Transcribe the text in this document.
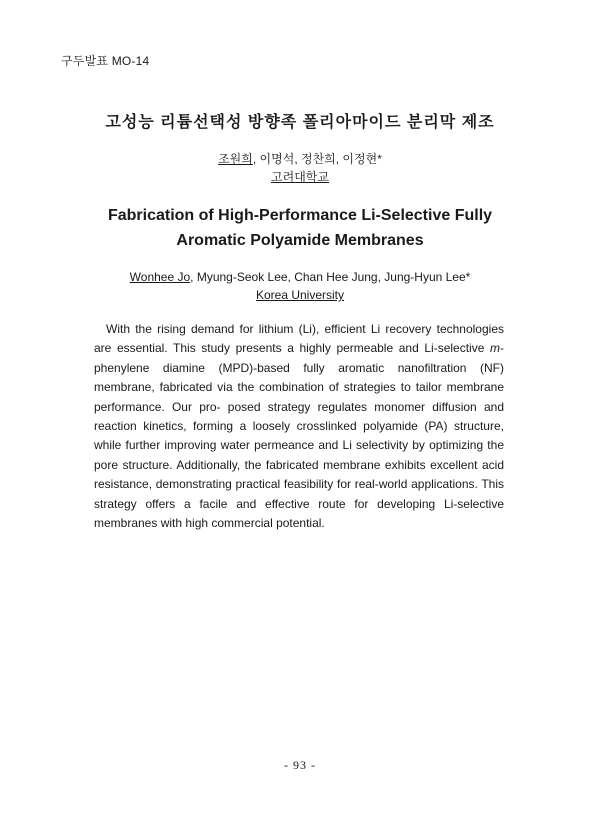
구두발표 MO-14
고성능 리튬선택성 방향족 폴리아마이드 분리막 제조
조원희, 이명석, 정찬희, 이정현*
고려대학교
Fabrication of High-Performance Li-Selective Fully Aromatic Polyamide Membranes
Wonhee Jo, Myung-Seok Lee, Chan Hee Jung, Jung-Hyun Lee*
Korea University
With the rising demand for lithium (Li), efficient Li recovery technologies are essential. This study presents a highly permeable and Li-selective m-phenylene diamine (MPD)-based fully aromatic nanofiltration (NF) membrane, fabricated via the combination of strategies to tailor membrane performance. Our pro- posed strategy regulates monomer diffusion and reaction kinetics, forming a loosely crosslinked polyamide (PA) structure, while further improving water permeance and Li selectivity by optimizing the pore structure. Additionally, the fabricated membrane exhibits excellent acid resistance, demonstrating practical feasibility for real-world applications. This strategy offers a facile and effective route for developing Li-selective membranes with high commercial potential.
- 93 -
